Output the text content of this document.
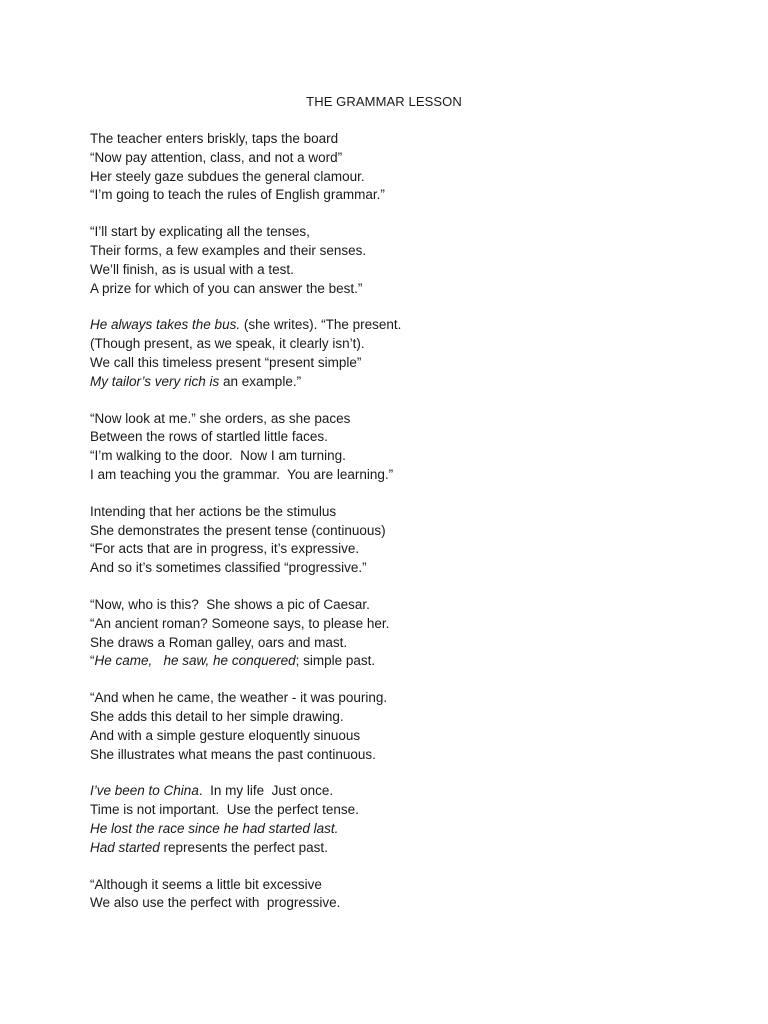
THE GRAMMAR LESSON
The teacher enters briskly, taps the board
“Now pay attention, class, and not a word”
Her steely gaze subdues the general clamour.
“I’m going to teach the rules of English grammar.”
“I’ll start by explicating all the tenses,
Their forms, a few examples and their senses.
We’ll finish, as is usual with a test.
A prize for which of you can answer the best.”
He always takes the bus. (she writes). “The present.
(Though present, as we speak, it clearly isn’t).
We call this timeless present “present simple”
My tailor’s very rich is an example.”
“Now look at me.” she orders, as she paces
Between the rows of startled little faces.
“I’m walking to the door.  Now I am turning.
I am teaching you the grammar.  You are learning.”
Intending that her actions be the stimulus
She demonstrates the present tense (continuous)
“For acts that are in progress, it’s expressive.
And so it’s sometimes classified “progressive.”
“Now, who is this?  She shows a pic of Caesar.
“An ancient roman? Someone says, to please her.
She draws a Roman galley, oars and mast.
“He came,   he saw, he conquered; simple past.
“And when he came, the weather - it was pouring.
She adds this detail to her simple drawing.
And with a simple gesture eloquently sinuous
She illustrates what means the past continuous.
I’ve been to China.  In my life  Just once.
Time is not important.  Use the perfect tense.
He lost the race since he had started last.
Had started represents the perfect past.
“Although it seems a little bit excessive
We also use the perfect with  progressive.
